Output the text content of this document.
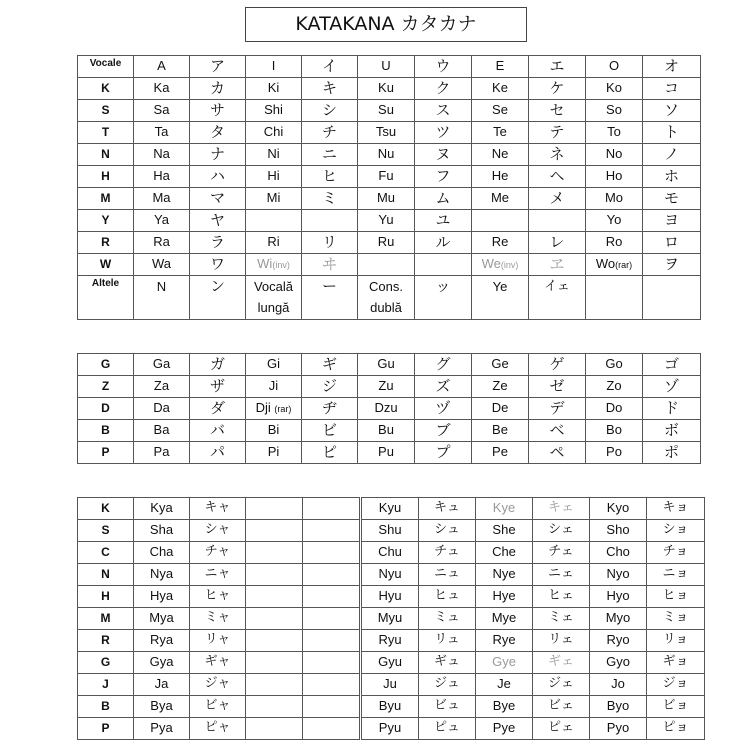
KATAKANA カタカナ
Vocale	A	ア	I	イ	U	ウ	E	エ	O	オ
K	Ka	カ	Ki	キ	Ku	ク	Ke	ケ	Ko	コ
S	Sa	サ	Shi	シ	Su	ス	Se	セ	So	ソ
T	Ta	タ	Chi	チ	Tsu	ツ	Te	テ	To	ト
N	Na	ナ	Ni	ニ	Nu	ヌ	Ne	ネ	No	ノ
H	Ha	ハ	Hi	ヒ	Fu	フ	He	ヘ	Ho	ホ
M	Ma	マ	Mi	ミ	Mu	ム	Me	メ	Mo	モ
Y	Ya	ヤ			Yu	ユ			Yo	ヨ
R	Ra	ラ	Ri	リ	Ru	ル	Re	レ	Ro	ロ
W	Wa	ワ	Wi(inv)	ヰ			We(inv)	ヱ	Wo(rar)	ヲ
Altele	N	ン	Vocală lungă	ー	Cons. dublă	ッ	Ye	イェ		
G	Ga	ガ	Gi	ギ	Gu	グ	Ge	ゲ	Go	ゴ
Z	Za	ザ	Ji	ジ	Zu	ズ	Ze	ゼ	Zo	ゾ
D	Da	ダ	Dji (rar)	ヂ	Dzu	ヅ	De	デ	Do	ド
B	Ba	バ	Bi	ビ	Bu	ブ	Be	ベ	Bo	ボ
P	Pa	パ	Pi	ピ	Pu	プ	Pe	ペ	Po	ポ
K	Kya	キャ		
S	Sha	シャ		
C	Cha	チャ		
N	Nya	ニャ		
H	Hya	ヒャ		
M	Mya	ミャ		
R	Rya	リャ		
G	Gya	ギャ		
J	Ja	ジャ		
B	Bya	ビャ		
P	Pya	ピャ		
Kyu	キュ	Kye	キェ	Kyo	キョ
Shu	シュ	She	シェ	Sho	ショ
Chu	チュ	Che	チェ	Cho	チョ
Nyu	ニュ	Nye	ニェ	Nyo	ニョ
Hyu	ヒュ	Hye	ヒェ	Hyo	ヒョ
Myu	ミュ	Mye	ミェ	Myo	ミョ
Ryu	リュ	Rye	リェ	Ryo	リョ
Gyu	ギュ	Gye	ギェ	Gyo	ギョ
Ju	ジュ	Je	ジェ	Jo	ジョ
Byu	ビュ	Bye	ビェ	Byo	ビョ
Pyu	ピュ	Pye	ピェ	Pyo	ピョ
